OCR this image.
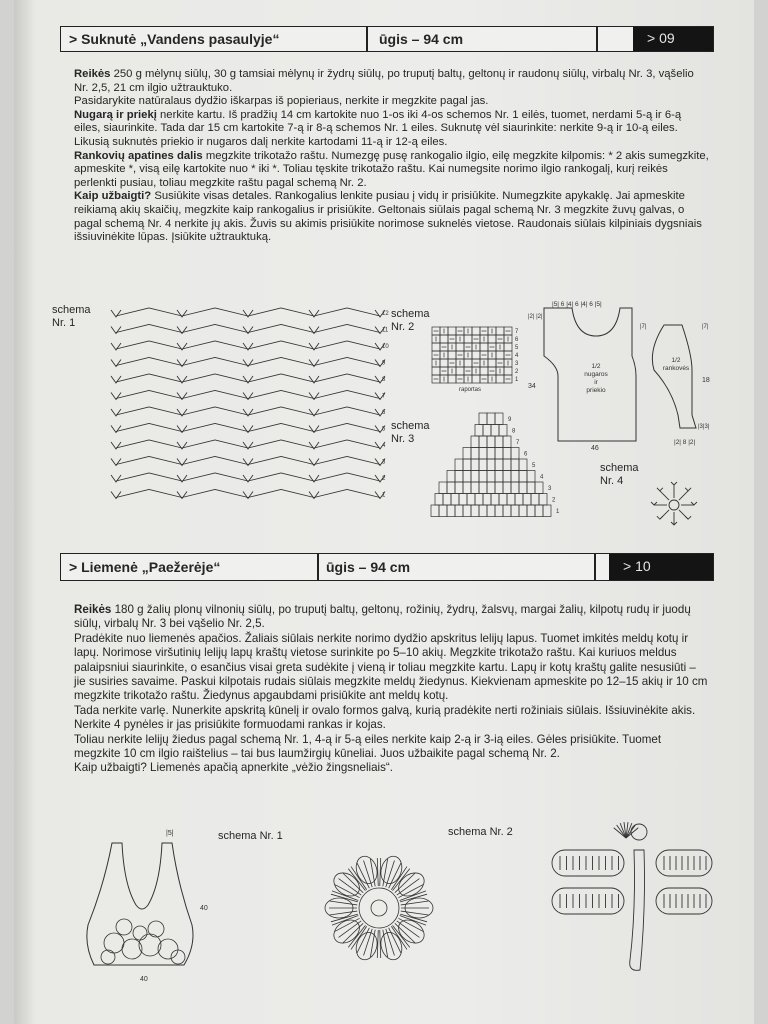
> Suknutė „Vandens pasaulyje“	ūgis – 94 cm	> 09

Reikės 250 g mėlynų siūlų, 30 g tamsiai mėlynų ir žydrų siūlų, po truputį baltų, geltonų ir raudonų siūlų, virbalų Nr. 3, vąšelio Nr. 2,5, 21 cm ilgio užtrauktuko.

Pasidarykite natūralaus dydžio iškarpas iš popieriaus, nerkite ir megzkite pagal jas.

Nugarą ir priekį nerkite kartu. Iš pradžių 14 cm kartokite nuo 1-os iki 4-os schemos Nr. 1 eilės, tuomet, nerdami 5-ą ir 6-ą eiles, siaurinkite. Tada dar 15 cm kartokite 7-ą ir 8-ą schemos Nr. 1 eiles. Suknutę vėl siaurinkite: nerkite 9-ą ir 10-ą eiles. Likusią suknutės priekio ir nugaros dalį nerkite kartodami 11-ą ir 12-ą eiles.

Rankovių apatines dalis megzkite trikotažo raštu. Numezgę pusę rankogalio ilgio, eilę megzkite kilpomis: * 2 akis sumegzkite, apmeskite *, visą eilę kartokite nuo * iki *. Toliau tęskite trikotažo raštu. Kai numegsite norimo ilgio rankogalį, kurį reikės perlenkti pusiau, toliau megzkite raštu pagal schemą Nr. 2.

Kaip užbaigti? Susiūkite visas detales. Rankogalius lenkite pusiau į vidų ir prisiūkite. Numegzkite apykaklę. Jai apmeskite reikiamą akių skaičių, megzkite kaip rankogalius ir prisiūkite. Geltonais siūlais pagal schemą Nr. 3 megzkite žuvų galvas, o pagal schemą Nr. 4 nerkite jų akis. Žuvis su akimis prisiūkite norimose suknelės vietose. Raudonais siūlais kilpiniais dygsniais išsiuvinėkite lūpas. Įsiūkite užtrauktuką.

schema
Nr. 1
12
11
10
9
8
7
6
5
4
3
2
1
schema
Nr. 2	7
6
5
4
3
2
1
raportas
schema
Nr. 3
9
8
7
6
5
4
3
2
1
|5| 6 |4| 6 |4| 6 |5|
34
|2| |2|
|7|
46
1/2 nugaros ir priekio
|7|
18
|2| 8 |2|
|3|3|
1/2 rankovės
schema
Nr. 4
> Liemenė „Paežerėje“	ūgis – 94 cm	> 10

Reikės 180 g žalių plonų vilnonių siūlų, po truputį baltų, geltonų, rožinių, žydrų, žalsvų, margai žalių, kilpotų rudų ir juodų siūlų, virbalų Nr. 3 bei vąšelio Nr. 2,5.

Pradėkite nuo liemenės apačios. Žaliais siūlais nerkite norimo dydžio apskritus lelijų lapus. Tuomet imkitės meldų kotų ir lapų. Norimose viršutinių lelijų lapų kraštų vietose surinkite po 5–10 akių. Megzkite trikotažo raštu. Kai kuriuos meldus palaipsniui siaurinkite, o esančius visai greta sudėkite į vieną ir toliau megzkite kartu. Lapų ir kotų kraštų galite nesusiūti – jie susiries savaime. Paskui kilpotais rudais siūlais megzkite meldų žiedynus. Kiekvienam apmeskite po 12–15 akių ir 10 cm megzkite trikotažo raštu. Žiedynus apgaubdami prisiūkite ant meldų kotų.

Tada nerkite varlę. Nunerkite apskritą kūnelį ir ovalo formos galvą, kurią pradėkite nerti rožiniais siūlais. Išsiuvinėkite akis. Nerkite 4 pynėles ir jas prisiūkite formuodami rankas ir kojas.

Toliau nerkite lelijų žiedus pagal schemą Nr. 1, 4-ą ir 5-ą eiles nerkite kaip 2-ą ir 3-ią eiles. Gėles prisiūkite. Tuomet megzkite 10 cm ilgio raištelius – tai bus laumžirgių kūneliai. Juos užbaikite pagal schemą Nr. 2.

Kaip užbaigti? Liemenės apačią apnerkite „vėžio žingsneliais“.

|5|
40
40
schema Nr. 1	schema Nr. 2
